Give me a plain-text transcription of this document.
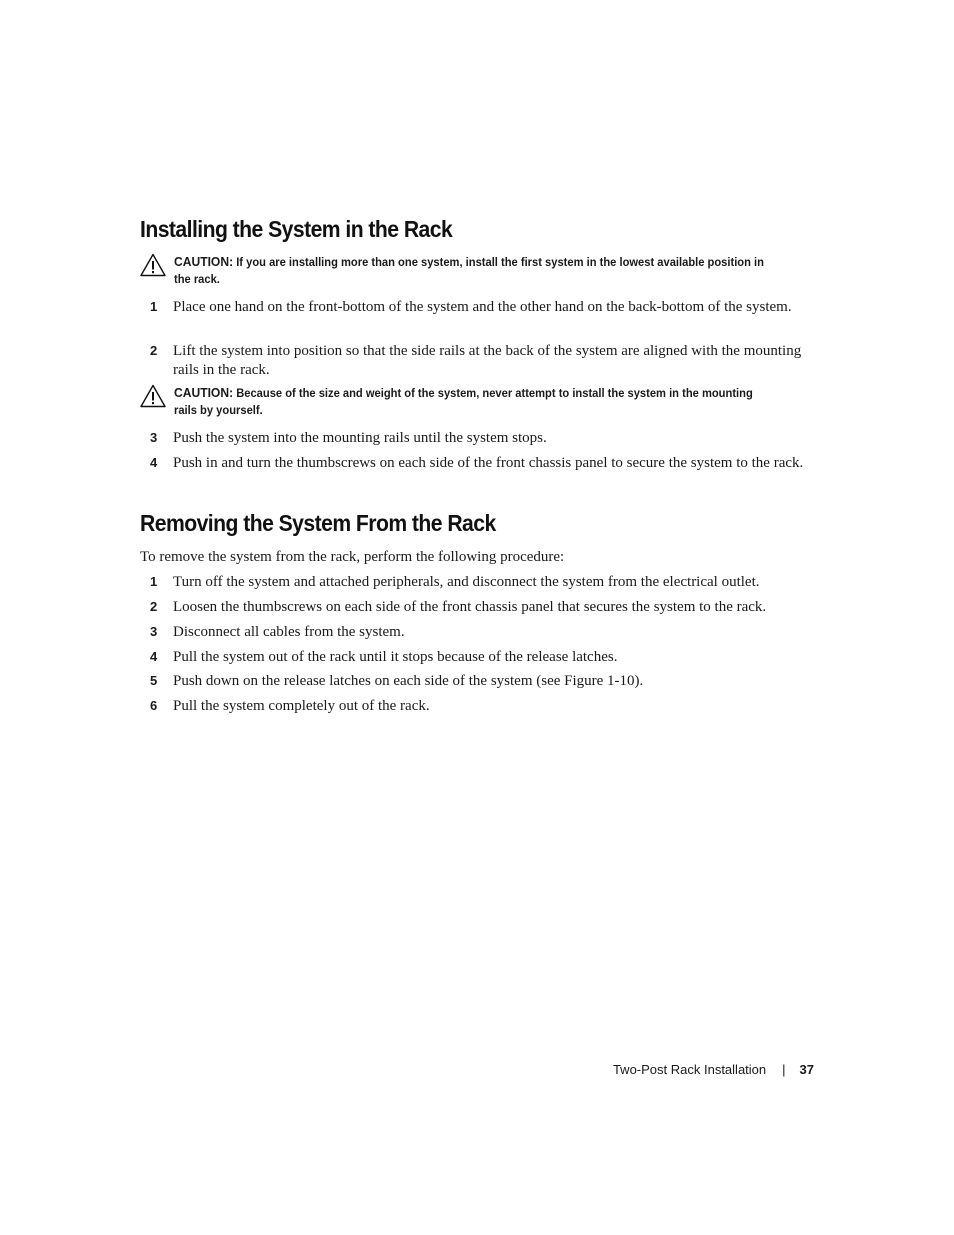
Installing the System in the Rack
CAUTION: If you are installing more than one system, install the first system in the lowest available position in the rack.
1 Place one hand on the front-bottom of the system and the other hand on the back-bottom of the system.
2 Lift the system into position so that the side rails at the back of the system are aligned with the mounting rails in the rack.
CAUTION: Because of the size and weight of the system, never attempt to install the system in the mounting rails by yourself.
3 Push the system into the mounting rails until the system stops.
4 Push in and turn the thumbscrews on each side of the front chassis panel to secure the system to the rack.
Removing the System From the Rack
To remove the system from the rack, perform the following procedure:
1 Turn off the system and attached peripherals, and disconnect the system from the electrical outlet.
2 Loosen the thumbscrews on each side of the front chassis panel that secures the system to the rack.
3 Disconnect all cables from the system.
4 Pull the system out of the rack until it stops because of the release latches.
5 Push down on the release latches on each side of the system (see Figure 1-10).
6 Pull the system completely out of the rack.
Two-Post Rack Installation | 37
